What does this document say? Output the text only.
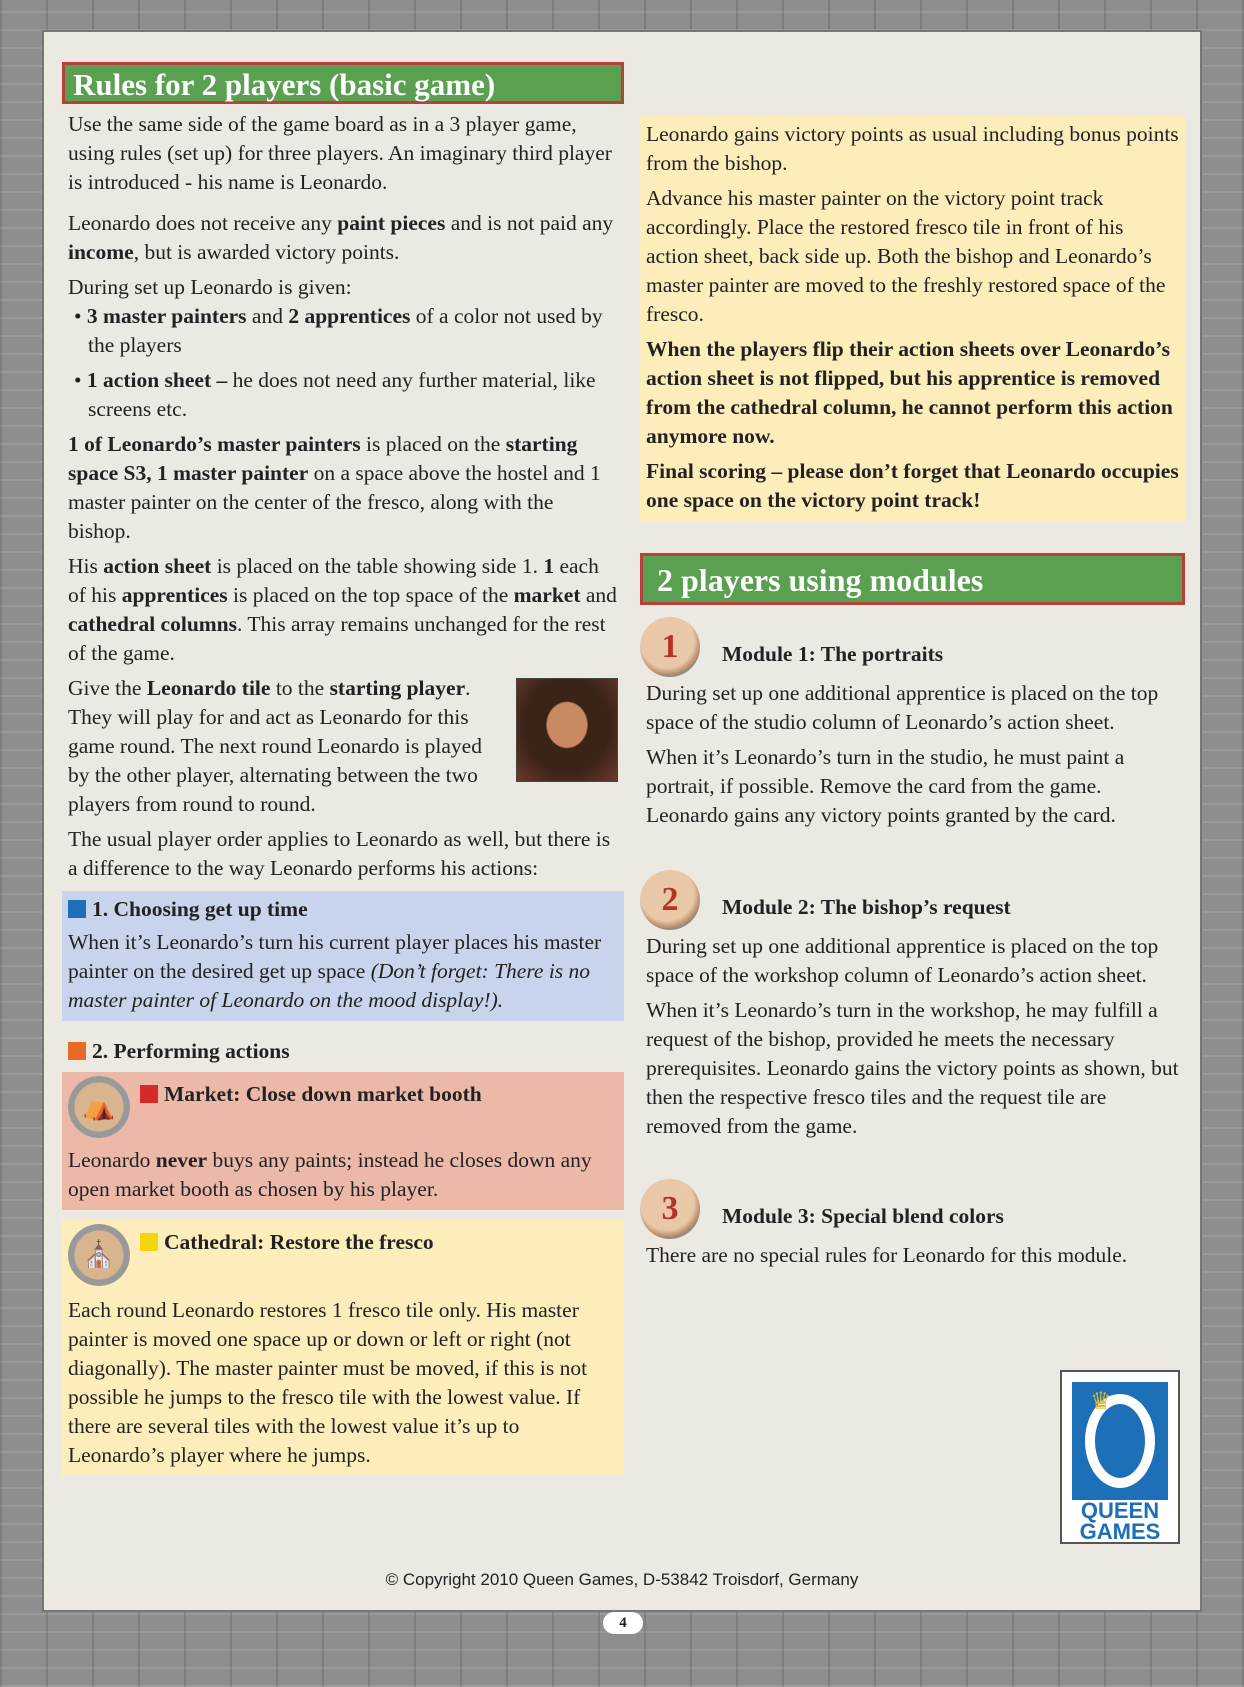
Rules for 2 players (basic game)

Use the same side of the game board as in a 3 player game, using rules (set up) for three players. An imaginary third player is introduced - his name is Leonardo.

Leonardo does not receive any paint pieces and is not paid any income, but is awarded victory points.

During set up Leonardo is given:

• 3 master painters and 2 apprentices of a color not used by the players

• 1 action sheet – he does not need any further material, like screens etc.

1 of Leonardo’s master painters is placed on the starting space S3, 1 master painter on a space above the hostel and 1 master painter on the center of the fresco, along with the bishop.

His action sheet is placed on the table showing side 1. 1 each of his apprentices is placed on the top space of the market and cathedral columns. This array remains unchanged for the rest of the game.

Give the Leonardo tile to the starting player. They will play for and act as Leonardo for this game round. The next round Leonardo is played by the other player, alternating between the two players from round to round.

The usual player order applies to Leonardo as well, but there is a difference to the way Leonardo performs his actions:

1. Choosing get up time

When it’s Leonardo’s turn his current player places his master painter on the desired get up space (Don’t forget: There is no master painter of Leonardo on the mood display!).

2. Performing actions
⛺	Market: Close down market booth

Leonardo never buys any paints; instead he closes down any open market booth as chosen by his player.

⛪	Cathedral: Restore the fresco

Each round Leonardo restores 1 fresco tile only. His master painter is moved one space up or down or left or right (not diagonally). The master painter must be moved, if this is not possible he jumps to the fresco tile with the lowest value. If there are several tiles with the lowest value it’s up to Leonardo’s player where he jumps.

Leonardo gains victory points as usual including bonus points from the bishop.

Advance his master painter on the victory point track accordingly. Place the restored fresco tile in front of his action sheet, back side up. Both the bishop and Leonardo’s master painter are moved to the freshly restored space of the fresco.

When the players flip their action sheets over Leonardo’s action sheet is not flipped, but his apprentice is removed from the cathedral column, he cannot perform this action anymore now.

Final scoring – please don’t forget that Leonardo occupies one space on the victory point track!

2 players using modules
1	Module 1: The portraits

During set up one additional apprentice is placed on the top space of the studio column of Leonardo’s action sheet.

When it’s Leonardo’s turn in the studio, he must paint a portrait, if possible. Remove the card from the game. Leonardo gains any victory points granted by the card.

2	Module 2: The bishop’s request

During set up one additional apprentice is placed on the top space of the workshop column of Leonardo’s action sheet.

When it’s Leonardo’s turn in the workshop, he may fulfill a request of the bishop, provided he meets the necessary prerequisites. Leonardo gains the victory points as shown, but then the respective fresco tiles and the request tile are removed from the game.

3	Module 3: Special blend colors

There are no special rules for Leonardo for this module.

♛
QUEEN
GAMES
© Copyright 2010 Queen Games, D-53842 Troisdorf, Germany
4
